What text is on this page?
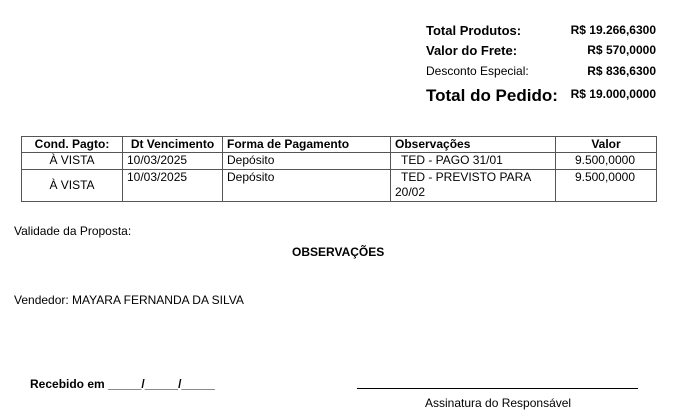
Total Produtos:	R$ 19.266,6300
Valor do Frete:	R$ 570,0000
Desconto Especial:	R$ 836,6300
Total do Pedido:	R$ 19.000,0000
Cond. Pagto:	Dt Vencimento	Forma de Pagamento	Observações	Valor
À VISTA	10/03/2025	Depósito	TED - PAGO 31/01	9.500,0000
À VISTA	10/03/2025	Depósito	TED - PREVISTO PARA 20/02	9.500,0000
Validade da Proposta:
OBSERVAÇÕES
Vendedor: MAYARA FERNANDA DA SILVA
Recebido em _____/_____/_____
Assinatura do Responsável
